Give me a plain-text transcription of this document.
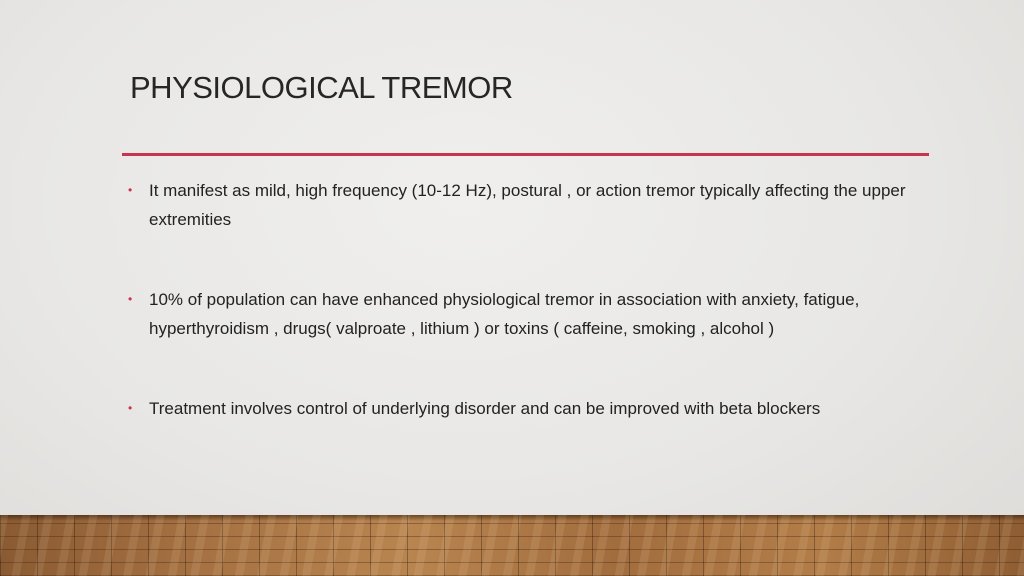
PHYSIOLOGICAL TREMOR
• It manifest as mild, high frequency (10-12 Hz), postural , or action tremor typically affecting the upper extremities
• 10% of population can have enhanced physiological tremor in association with anxiety, fatigue, hyperthyroidism , drugs( valproate , lithium ) or toxins ( caffeine, smoking , alcohol )
• Treatment involves control of underlying disorder and can be improved with beta blockers
